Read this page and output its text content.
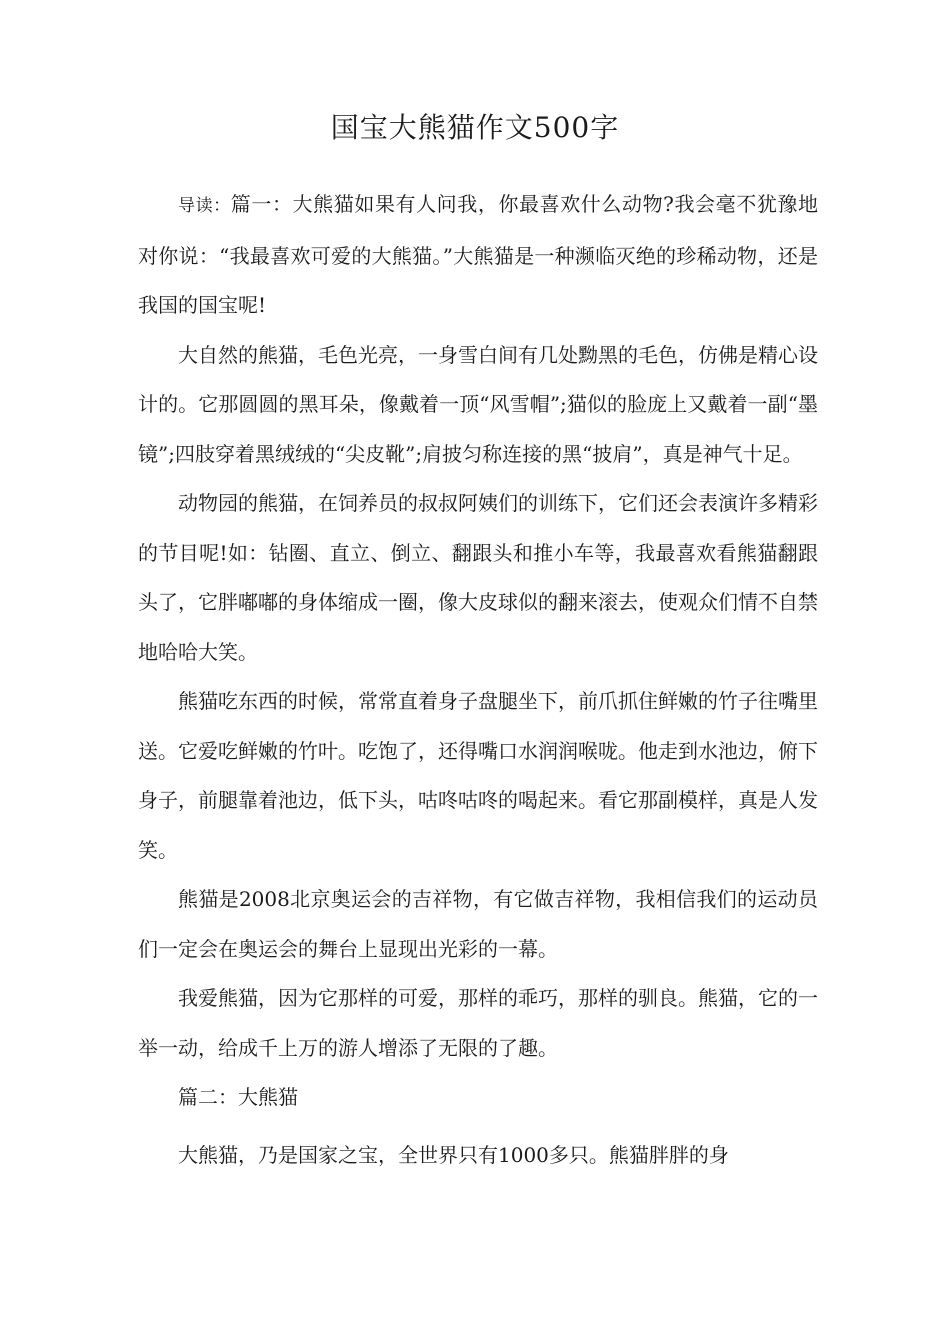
国宝大熊猫作文500字

导读：篇一：大熊猫如果有人问我，你最喜欢什么动物?我会毫不犹豫地对你说：“我最喜欢可爱的大熊猫。”大熊猫是一种濒临灭绝的珍稀动物，还是我国的国宝呢!

大自然的熊猫，毛色光亮，一身雪白间有几处黝黑的毛色，仿佛是精心设计的。它那圆圆的黑耳朵，像戴着一顶“风雪帽”;猫似的脸庞上又戴着一副“墨镜”;四肢穿着黑绒绒的“尖皮靴”;肩披匀称连接的黑“披肩”，真是神气十足。

动物园的熊猫，在饲养员的叔叔阿姨们的训练下，它们还会表演许多精彩的节目呢!如：钻圈、直立、倒立、翻跟头和推小车等，我最喜欢看熊猫翻跟头了，它胖嘟嘟的身体缩成一圈，像大皮球似的翻来滚去，使观众们情不自禁地哈哈大笑。

熊猫吃东西的时候，常常直着身子盘腿坐下，前爪抓住鲜嫩的竹子往嘴里送。它爱吃鲜嫩的竹叶。吃饱了，还得嘴口水润润喉咙。他走到水池边，俯下身子，前腿靠着池边，低下头，咕咚咕咚的喝起来。看它那副模样，真是人发笑。

熊猫是2008北京奥运会的吉祥物，有它做吉祥物，我相信我们的运动员们一定会在奥运会的舞台上显现出光彩的一幕。

我爱熊猫，因为它那样的可爱，那样的乖巧，那样的驯良。熊猫，它的一举一动，给成千上万的游人增添了无限的了趣。

篇二：大熊猫

大熊猫，乃是国家之宝，全世界只有1000多只。熊猫胖胖的身
